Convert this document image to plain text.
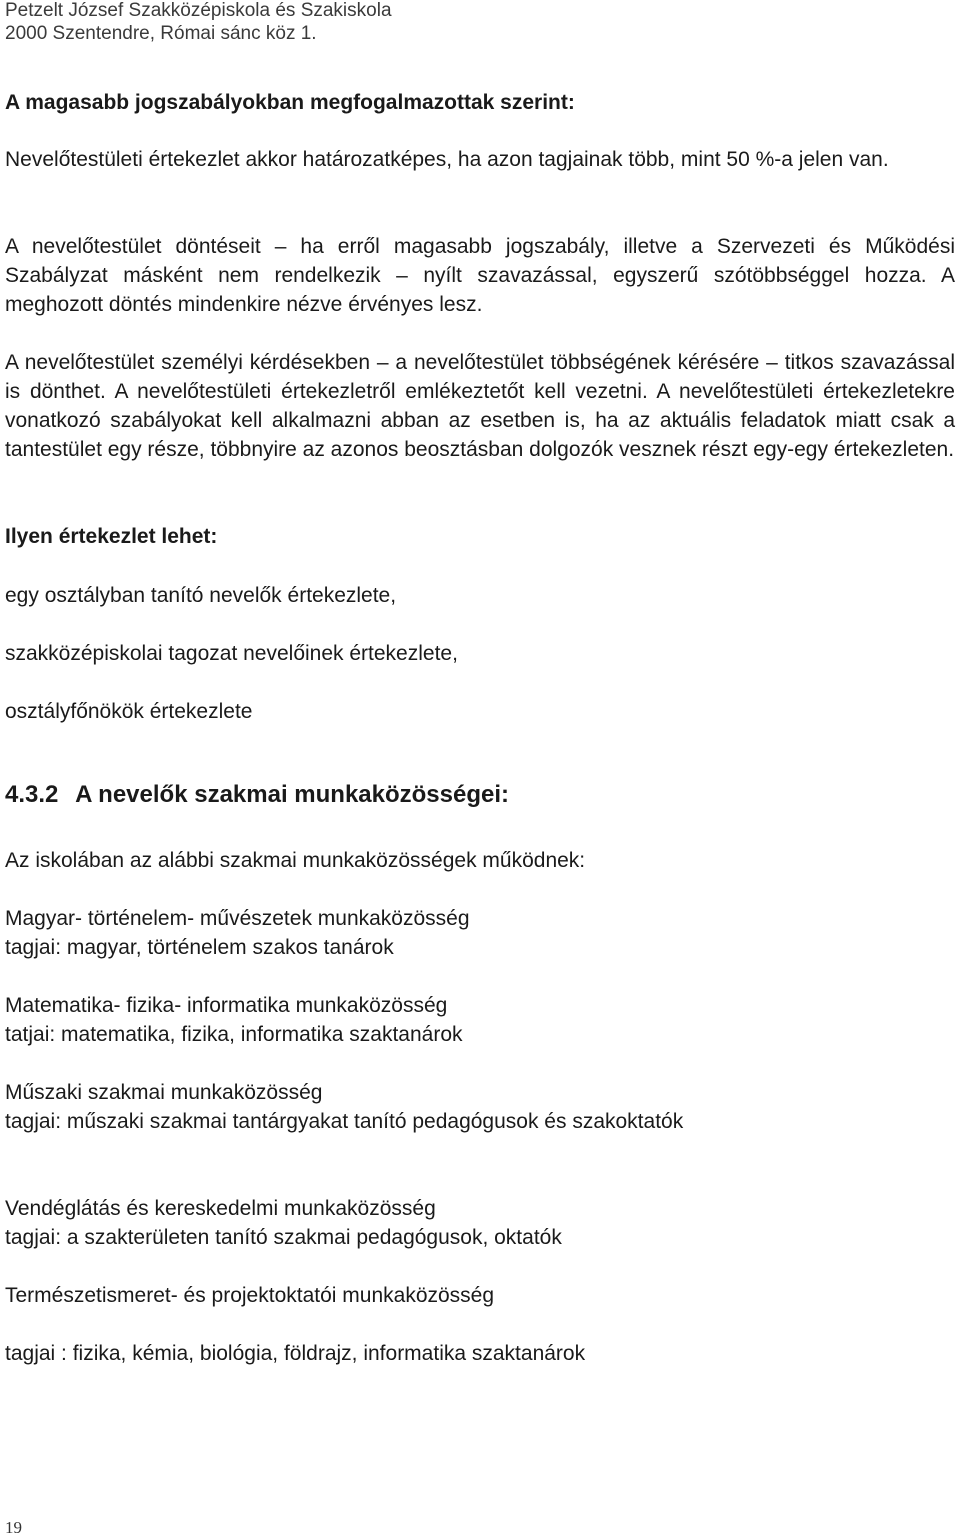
Petzelt József Szakközépiskola és Szakiskola
2000 Szentendre, Római sánc köz 1.
A magasabb jogszabályokban megfogalmazottak szerint:
Nevelőtestületi értekezlet akkor határozatképes, ha azon tagjainak több, mint 50 %-a jelen van.
A nevelőtestület döntéseit – ha erről magasabb jogszabály, illetve a Szervezeti és Működési Szabályzat másként nem rendelkezik – nyílt szavazással, egyszerű szótöbbséggel hozza. A meghozott döntés mindenkire nézve érvényes lesz.
A nevelőtestület személyi kérdésekben – a nevelőtestület többségének kérésére – titkos szavazással is dönthet. A nevelőtestületi értekezletről emlékeztetőt kell vezetni. A nevelőtestületi értekezletekre vonatkozó szabályokat kell alkalmazni abban az esetben is, ha az aktuális feladatok miatt csak a tantestület egy része, többnyire az azonos beosztásban dolgozók vesznek részt egy-egy értekezleten.
Ilyen értekezlet lehet:
egy osztályban tanító nevelők értekezlete,
szakközépiskolai tagozat nevelőinek értekezlete,
osztályfőnökök értekezlete
4.3.2 A nevelők szakmai munkaközösségei:
Az iskolában az alábbi szakmai munkaközösségek működnek:
Magyar- történelem- művészetek munkaközösség
tagjai: magyar, történelem szakos tanárok
Matematika- fizika- informatika munkaközösség
tatjai: matematika, fizika, informatika szaktanárok
Műszaki szakmai munkaközösség
tagjai: műszaki szakmai tantárgyakat tanító pedagógusok és szakoktatók
Vendéglátás és kereskedelmi munkaközösség
tagjai: a szakterületen tanító szakmai pedagógusok, oktatók
Természetismeret- és projektoktatói munkaközösség
tagjai : fizika, kémia, biológia, földrajz, informatika szaktanárok
19
